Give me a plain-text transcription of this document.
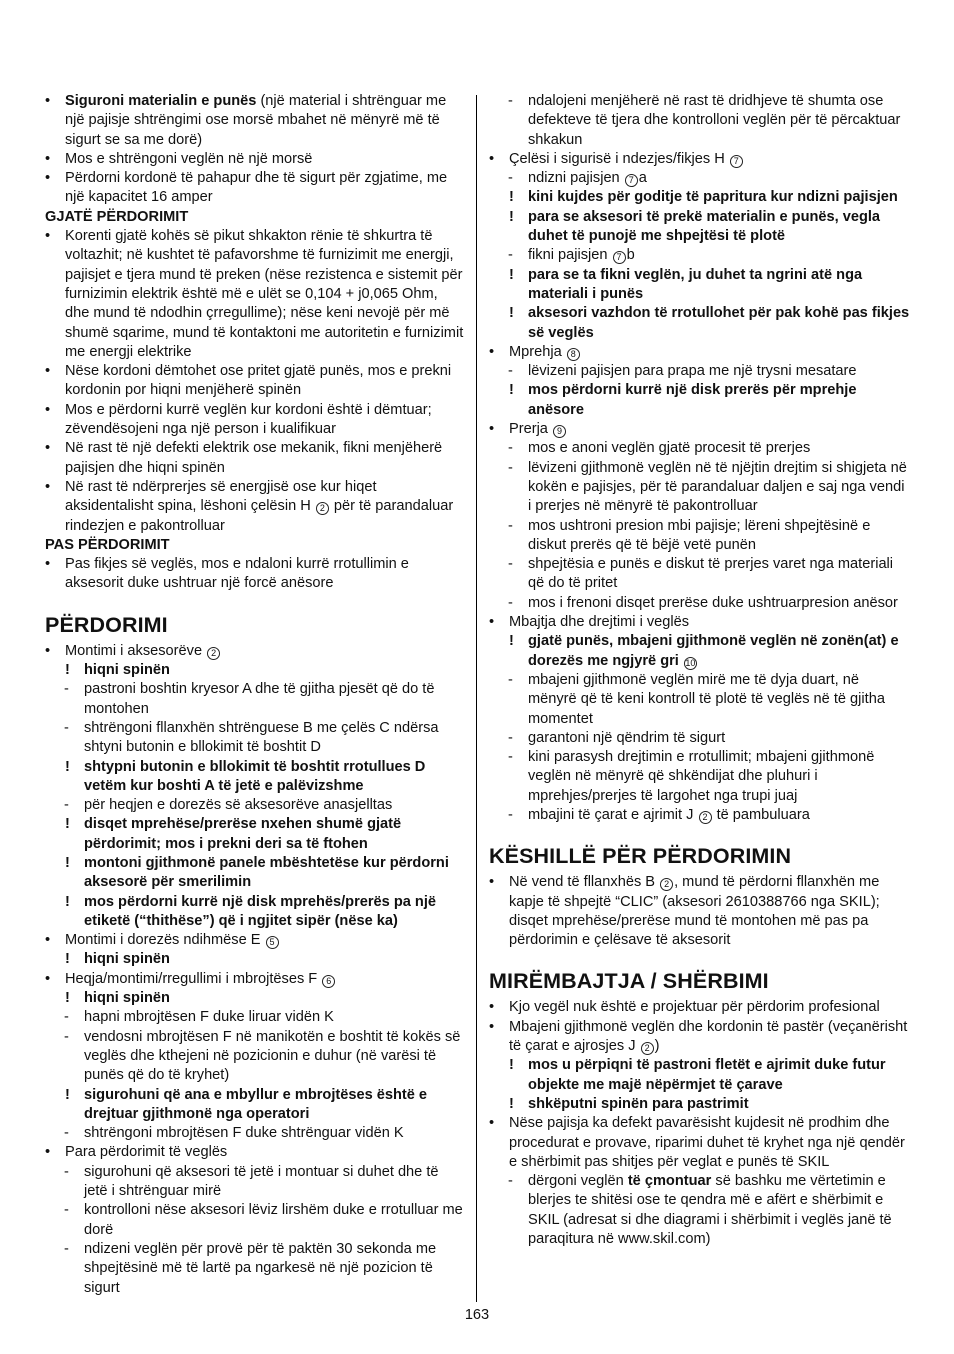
• Siguroni materialin e punës (një material i shtrënguar me një pajisje shtrëngimi ose morsë mbahet në mënyrë më të sigurt se sa me dorë)
• Mos e shtrëngoni veglën në një morsë
• Përdorni kordonë të pahapur dhe të sigurt për zgjatime, me një kapacitet 16 amper

GJATË PËRDORIMIT

• Korenti gjatë kohës së pikut shkakton rënie të shkurtra të voltazhit; në kushtet të pafavorshme të furnizimit me energji, pajisjet e tjera mund të preken (nëse rezistenca e sistemit për furnizimin elektrik është më e ulët se 0,104 + j0,065 Ohm, dhe mund të ndodhin çrregullime); nëse keni nevojë për më shumë sqarime, mund të kontaktoni me autoritetin e furnizimit me energji elektrike
• Nëse kordoni dëmtohet ose pritet gjatë punës, mos e prekni kordonin por hiqni menjëherë spinën
• Mos e përdorni kurrë veglën kur kordoni është i dëmtuar; zëvendësojeni nga një person i kualifikuar
• Në rast të një defekti elektrik ose mekanik, fikni menjëherë pajisjen dhe hiqni spinën
• Në rast të ndërprerjes së energjisë ose kur hiqet aksidentalisht spina, lëshoni çelësin H 2 për të parandaluar rindezjen e pakontrolluar

PAS PËRDORIMIT

• Pas fikjes së veglës, mos e ndaloni kurrë rrotullimin e aksesorit duke ushtruar një forcë anësore
PËRDORIMI
• Montimi i aksesorëve 2
! hiqni spinën
- pastroni boshtin kryesor A dhe të gjitha pjesët që do të montohen
- shtrëngoni fllanxhën shtrënguese B me çelës C ndërsa shtyni butonin e bllokimit të boshtit D
! shtypni butonin e bllokimit të boshtit rrotullues D vetëm kur boshti A të jetë e palëvizshme
- për heqjen e dorezës së aksesorëve anasjelltas
! disqet mprehëse/prerëse nxehen shumë gjatë përdorimit; mos i prekni deri sa të ftohen
! montoni gjithmonë panele mbështetëse kur përdorni aksesorë për smerilimin
! mos përdorni kurrë një disk mprehës/prerës pa një etiketë (“thithëse”) që i ngjitet sipër (nëse ka)
• Montimi i dorezës ndihmëse E 5
! hiqni spinën
• Heqja/montimi/rregullimi i mbrojtëses F 6
! hiqni spinën
- hapni mbrojtësen F duke liruar vidën K
- vendosni mbrojtësen F në manikotën e boshtit të kokës së veglës dhe kthejeni në pozicionin e duhur (në varësi të punës që do të kryhet)
! sigurohuni që ana e mbyllur e mbrojtëses është e drejtuar gjithmonë nga operatori
- shtrëngoni mbrojtësen F duke shtrënguar vidën K
• Para përdorimit të veglës
- sigurohuni që aksesori të jetë i montuar si duhet dhe të jetë i shtrënguar mirë
- kontrolloni nëse aksesori lëviz lirshëm duke e rrotulluar me dorë
- ndizeni veglën për provë për të paktën 30 sekonda me shpejtësinë më të lartë pa ngarkesë në një pozicion të sigurt
- ndalojeni menjëherë në rast të dridhjeve të shumta ose defekteve të tjera dhe kontrolloni veglën për të përcaktuar shkakun
• Çelësi i sigurisë i ndezjes/fikjes H 7
- ndizni pajisjen 7 a
! kini kujdes për goditje të papritura kur ndizni pajisjen
! para se aksesori të prekë materialin e punës, vegla duhet të punojë me shpejtësi të plotë
- fikni pajisjen 7 b
! para se ta fikni veglën, ju duhet ta ngrini atë nga materiali i punës
! aksesori vazhdon të rrotullohet për pak kohë pas fikjes së veglës
• Mprehja 8
- lëvizeni pajisjen para prapa me një trysni mesatare
! mos përdorni kurrë një disk prerës për mprehje anësore
• Prerja 9
- mos e anoni veglën gjatë procesit të prerjes
- lëvizeni gjithmonë veglën në të njëjtin drejtim si shigjeta në kokën e pajisjes, për të parandaluar daljen e saj nga vendi i prerjes në mënyrë të pakontrolluar
- mos ushtroni presion mbi pajisje; lëreni shpejtësinë e diskut prerës që të bëjë vetë punën
- shpejtësia e punës e diskut të prerjes varet nga materiali që do të pritet
- mos i frenoni disqet prerëse duke ushtruarpresion anësor
• Mbajtja dhe drejtimi i veglës
! gjatë punës, mbajeni gjithmonë veglën në zonën(at) e dorezës me ngjyrë gri 10
- mbajeni gjithmonë veglën mirë me të dyja duart, në mënyrë që të keni kontroll të plotë të veglës në të gjitha momentet
- garantoni një qëndrim të sigurt
- kini parasysh drejtimin e rrotullimit; mbajeni gjithmonë veglën në mënyrë që shkëndijat dhe pluhuri i mprehjes/prerjes të largohet nga trupi juaj
- mbajini të çarat e ajrimit J 2 të pambuluara
KËSHILLË PËR PËRDORIMIN
• Në vend të fllanxhës B 2 , mund të përdorni fllanxhën me kapje të shpejtë “CLIC” (aksesori 2610388766 nga SKIL); disqet mprehëse/prerëse mund të montohen më pas pa përdorimin e çelësave të aksesorit
MIRËMBAJTJA / SHËRBIMI
• Kjo vegël nuk është e projektuar për përdorim profesional
• Mbajeni gjithmonë veglën dhe kordonin të pastër (veçanërisht të çarat e ajrosjes J 2 )
! mos u përpiqni të pastroni fletët e ajrimit duke futur objekte me majë nëpërmjet të çarave
! shkëputni spinën para pastrimit
• Nëse pajisja ka defekt pavarësisht kujdesit në prodhim dhe procedurat e provave, riparimi duhet të kryhet nga një qendër e shërbimit pas shitjes për veglat e punës të SKIL
- dërgoni veglën të çmontuar së bashku me vërtetimin e blerjes te shitësi ose te qendra më e afërt e shërbimit e SKIL (adresat si dhe diagrami i shërbimit i veglës janë të paraqitura në www.skil.com)
163
